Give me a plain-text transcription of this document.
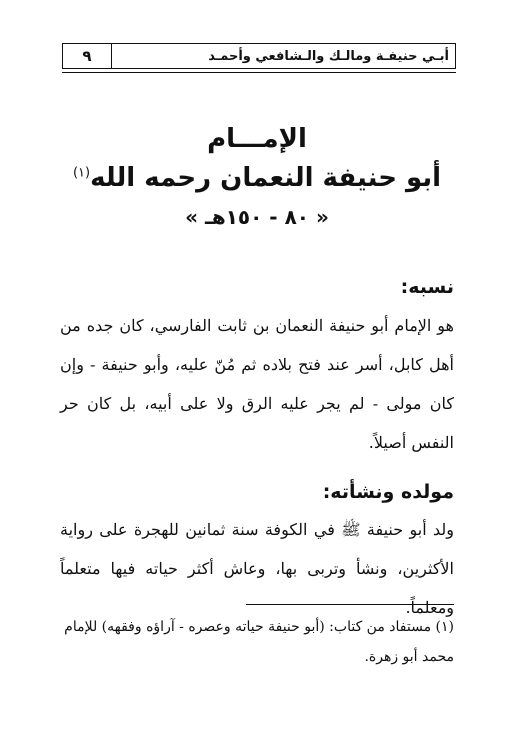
٩	أبـي حنيفـة ومالـك والـشافعي وأحمـد
الإمـــام
أبو حنيفة النعمان رحمه الله$^{(١)}$
« ٨٠ - ١٥٠هـ »
نسبه:
هو الإمام أبو حنيفة النعمان بن ثابت الفارسي، كان جده من أهل كابل، أسر عند فتح بلاده ثم مُنّ عليه، وأبو حنيفة - وإن كان مولى - لم يجر عليه الرق ولا على أبيه، بل كان حر النفس أصيلاً.
مولده ونشأته:
ولد أبو حنيفة ﷺ في الكوفة سنة ثمانين للهجرة على رواية الأكثرين، ونشأ وتربى بها، وعاش أكثر حياته فيها متعلماً ومعلماً.
(١) مستفاد من كتاب: (أبو حنيفة حياته وعصره - آراؤه وفقهه) للإمام محمد أبو زهرة.
